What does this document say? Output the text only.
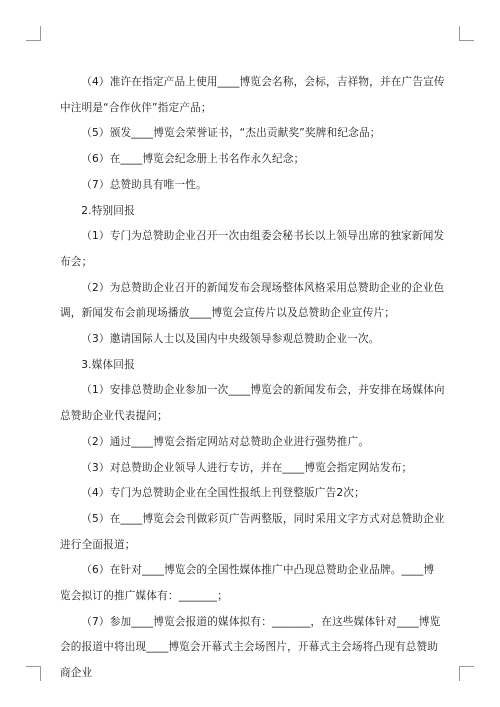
（4）准许在指定产品上使用____博览会名称，会标，吉祥物，并在广告宣传中注明是“合作伙伴”指定产品；

（5）颁发____博览会荣誉证书，“杰出贡献奖”奖牌和纪念品；

（6）在____博览会纪念册上书名作永久纪念；

（7）总赞助具有唯一性。

2.特别回报

（1）专门为总赞助企业召开一次由组委会秘书长以上领导出席的独家新闻发布会；

（2）为总赞助企业召开的新闻发布会现场整体风格采用总赞助企业的企业色调，新闻发布会前现场播放____博览会宣传片以及总赞助企业宣传片；

（3）邀请国际人士以及国内中央级领导参观总赞助企业一次。

3.媒体回报

（1）安排总赞助企业参加一次____博览会的新闻发布会，并安排在场媒体向总赞助企业代表提问；

（2）通过____博览会指定网站对总赞助企业进行强势推广。

（3）对总赞助企业领导人进行专访，并在____博览会指定网站发布；

（4）专门为总赞助企业在全国性报纸上刊登整版广告2次；

（5）在____博览会会刊做彩页广告两整版，同时采用文字方式对总赞助企业进行全面报道；

（6）在针对____博览会的全国性媒体推广中凸现总赞助企业品牌。____博览会拟订的推广媒体有：_______；

（7）参加____博览会报道的媒体拟有：_______，在这些媒体针对____博览会的报道中将出现____博览会开幕式主会场图片，开幕式主会场将凸现有总赞助商企业
